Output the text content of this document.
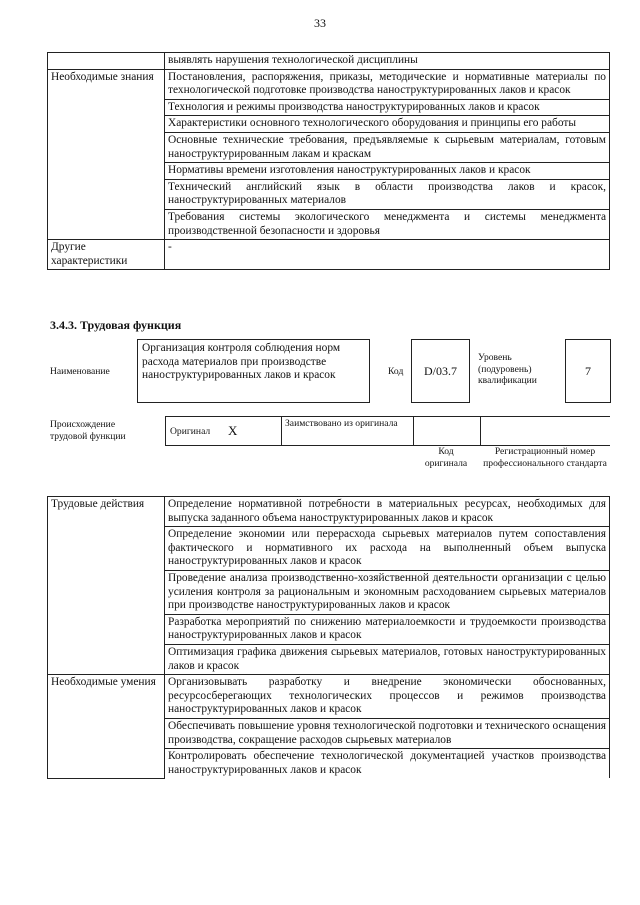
33
	выявлять нарушения технологической дисциплины
Необходимые знания	Постановления, распоряжения, приказы, методические и нормативные материалы по технологической подготовке производства наноструктурированных лаков и красок
	Технология и режимы производства наноструктурированных лаков и красок
	Характеристики основного технологического оборудования и принципы его работы
	Основные технические требования, предъявляемые к сырьевым материалам, готовым наноструктурированным лакам и краскам
	Нормативы времени изготовления наноструктурированных лаков и красок
	Технический английский язык в области производства лаков и красок, наноструктурированных материалов
	Требования системы экологического менеджмента и системы менеджмента производственной безопасности и здоровья
Другие характеристики	-
3.4.3. Трудовая функция
Наименование
Организация контроля соблюдения норм расхода материалов при производстве наноструктурированных лаков и красок	Код	D/03.7
Уровень (подуровень) квалификации
7
Происхождение трудовой функции	Оригинал X	Заимствовано из оригинала
Код оригинала
Регистрационный номер профессионального стандарта
Трудовые действия	Определение нормативной потребности в материальных ресурсах, необходимых для выпуска заданного объема наноструктурированных лаков и красок
	Определение экономии или перерасхода сырьевых материалов путем сопоставления фактического и нормативного их расхода на выполненный объем выпуска наноструктурированных лаков и красок
	Проведение анализа производственно-хозяйственной деятельности организации с целью усиления контроля за рациональным и экономным расходованием сырьевых материалов при производстве наноструктурированных лаков и красок
	Разработка мероприятий по снижению материалоемкости и трудоемкости производства наноструктурированных лаков и красок
	Оптимизация графика движения сырьевых материалов, готовых наноструктурированных лаков и красок
Необходимые умения	Организовывать разработку и внедрение экономически обоснованных, ресурсосберегающих технологических процессов и режимов производства наноструктурированных лаков и красок
	Обеспечивать повышение уровня технологической подготовки и технического оснащения производства, сокращение расходов сырьевых материалов
	Контролировать обеспечение технологической документацией участков производства наноструктурированных лаков и красок
